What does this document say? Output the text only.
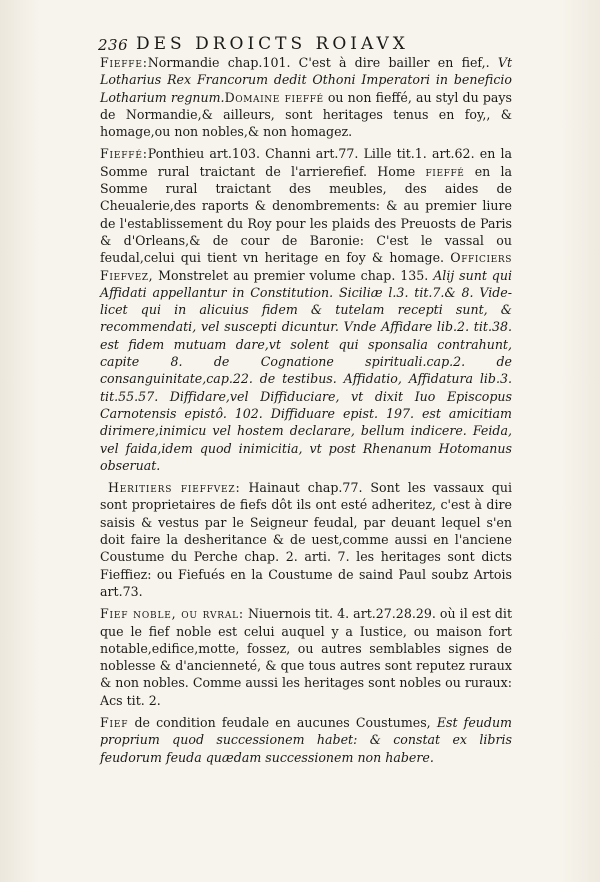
236 DES DROICTS ROIAVX

Fieffe:Normandie chap.101. C'est à dire bailler en fief,. Vt Lotharius Rex Francorum dedit Othoni Imperatori in beneficio Lotharium regnum.Domaine fieffé ou non fieffé, au styl du pays de Normandie,& ailleurs, sont heritages tenus en foy,, & homage,ou non nobles,& non homagez.

Fieffé:Ponthieu art.103. Channi art.77. Lille tit.1. art.62. en la Somme rural traictant de l'arrierefief. Home fieffé en la Somme rural traictant des meubles, des aides de Cheualerie,des raports & denombrements: & au premier liure de l'establissement du Roy pour les plaids des Preuosts de Paris & d'Orleans,& de cour de Baronie: C'est le vassal ou feudal,celui qui tient vn heritage en foy & homage. Officiers Fiefvez, Monstrelet au premier volume chap. 135. Alij sunt qui Affidati appellantur in Constitution. Siciliæ l.3. tit.7.& 8. Vide-licet qui in alicuius fidem & tutelam recepti sunt, & recommendati, vel suscepti dicuntur. Vnde Affidare lib.2. tit.38. est fidem mutuam dare,vt solent qui sponsalia contrahunt, capite 8. de Cognatione spirituali.cap.2. de consanguinitate,cap.22. de testibus. Affidatio, Affidatura lib.3. tit.55.57. Diffidare,vel Diffiduciare, vt dixit Iuo Episcopus Carnotensis epistô. 102. Diffiduare epist. 197. est amicitiam dirimere,inimicu vel hostem declarare, bellum indicere. Feida, vel faida,idem quod inimicitia, vt post Rhenanum Hotomanus obseruat.

Heritiers fieffvez: Hainaut chap.77. Sont les vassaux qui sont proprietaires de fiefs dôt ils ont esté adheritez, c'est à dire saisis & vestus par le Seigneur feudal, par deuant lequel s'en doit faire la desheritance & de uest,comme aussi en l'anciene Coustume du Perche chap. 2. arti. 7. les heritages sont dicts Fieffiez: ou Fiefués en la Coustume de saind Paul soubz Artois art.73.

Fief noble, ou rvral: Niuernois tit. 4. art.27.28.29. où il est dit que le fief noble est celui auquel y a Iustice, ou maison fort notable,edifice,motte, fossez, ou autres semblables signes de noblesse & d'ancienneté, & que tous autres sont reputez ruraux & non nobles. Comme aussi les heritages sont nobles ou ruraux: Acs tit. 2.

Fief de condition feudale en aucunes Coustumes, Est feudum proprium quod successionem habet: & constat ex libris feudorum feuda quædam successionem non habere.
